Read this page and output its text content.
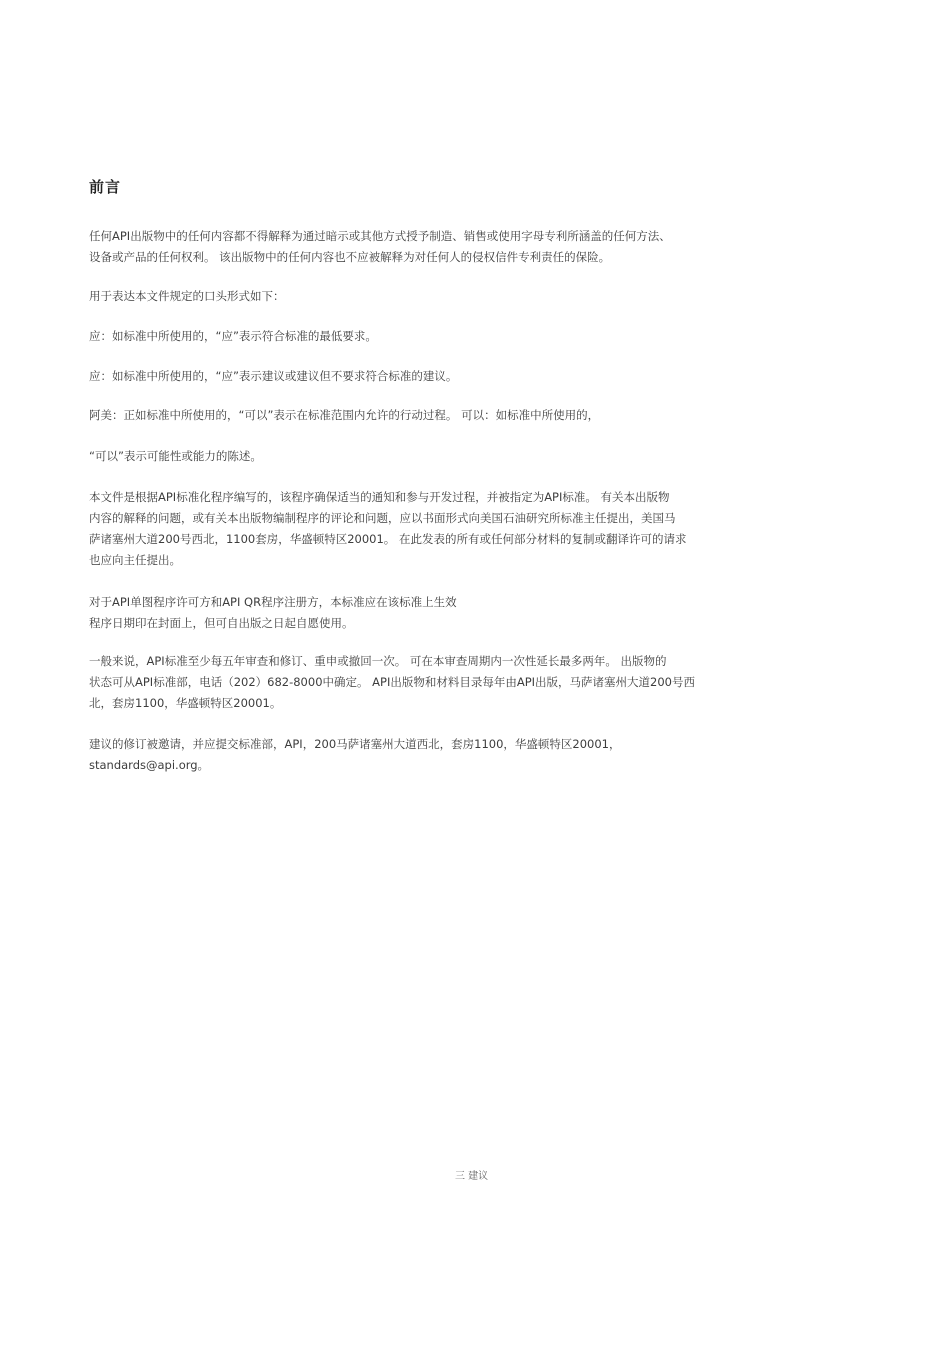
前言
任何API出版物中的任何内容都不得解释为通过暗示或其他方式授予制造、销售或使用字母专利所涵盖的任何方法、
设备或产品的任何权利。 该出版物中的任何内容也不应被解释为对任何人的侵权信件专利责任的保险。
用于表达本文件规定的口头形式如下：
应：如标准中所使用的，“应”表示符合标准的最低要求。
应：如标准中所使用的，“应”表示建议或建议但不要求符合标准的建议。
阿美：正如标准中所使用的，“可以”表示在标准范围内允许的行动过程。 可以：如标准中所使用的，
“可以”表示可能性或能力的陈述。
本文件是根据API标准化程序编写的，该程序确保适当的通知和参与开发过程，并被指定为API标准。 有关本出版物
内容的解释的问题，或有关本出版物编制程序的评论和问题，应以书面形式向美国石油研究所标准主任提出，美国马
萨诸塞州大道200号西北，1100套房，华盛顿特区20001。 在此发表的所有或任何部分材料的复制或翻译许可的请求
也应向主任提出。
对于API单图程序许可方和API QR程序注册方，本标准应在该标准上生效
程序日期印在封面上，但可自出版之日起自愿使用。
一般来说，API标准至少每五年审查和修订、重申或撤回一次。 可在本审查周期内一次性延长最多两年。 出版物的
状态可从API标准部，电话（202）682-8000中确定。 API出版物和材料目录每年由API出版，马萨诸塞州大道200号西
北，套房1100，华盛顿特区20001。
建议的修订被邀请，并应提交标准部，API，200马萨诸塞州大道西北，套房1100，华盛顿特区20001，
standards@api.org。
三 建议
